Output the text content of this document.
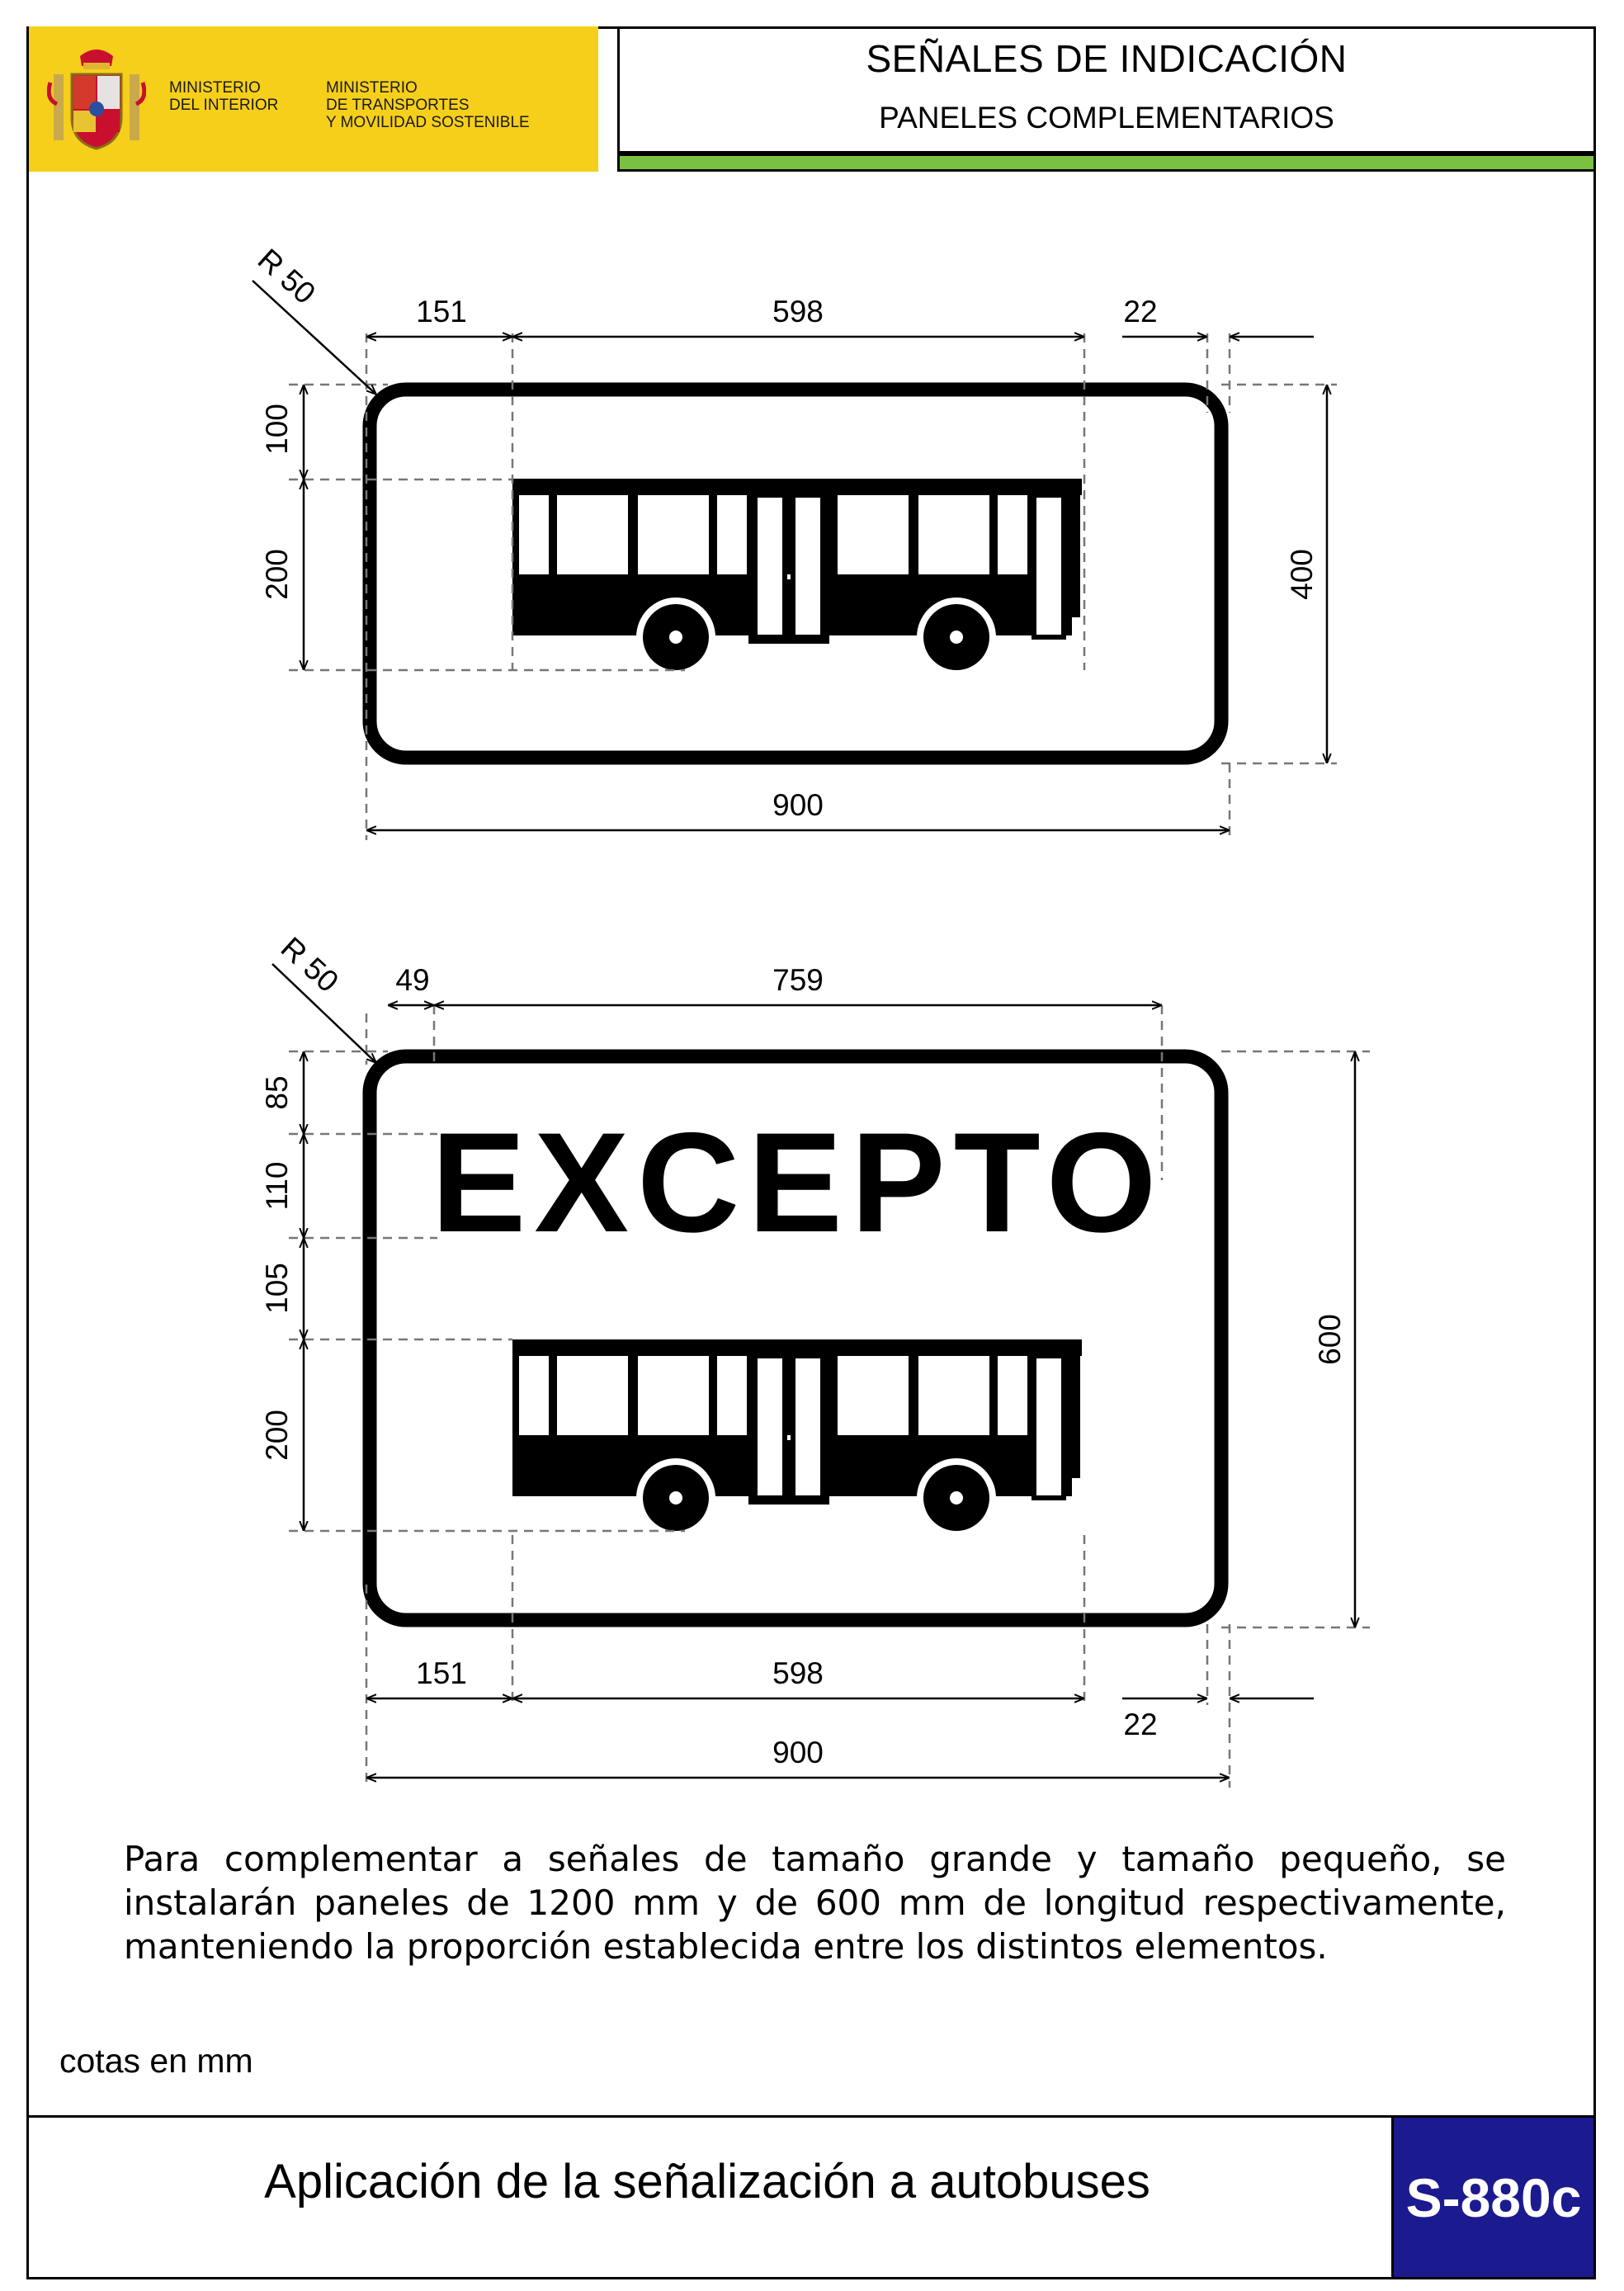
MINISTERIO
DEL INTERIOR
MINISTERIO
DE TRANSPORTES
Y MOVILIDAD SOSTENIBLE
SEÑALES DE INDICACIÓN
PANELES COMPLEMENTARIOS
R 50
151	598	22
900
100
200	400
EXCEPTO
R 50 49	759
151	598
22
900
85
110
105
200
600
Para complementar a señales de tamaño grande y tamaño pequeño, se instalarán paneles de 1200 mm y de 600 mm de longitud respectivamente, manteniendo la proporción establecida entre los distintos elementos.
cotas en mm
Aplicación de la señalización a autobuses	S-880c
